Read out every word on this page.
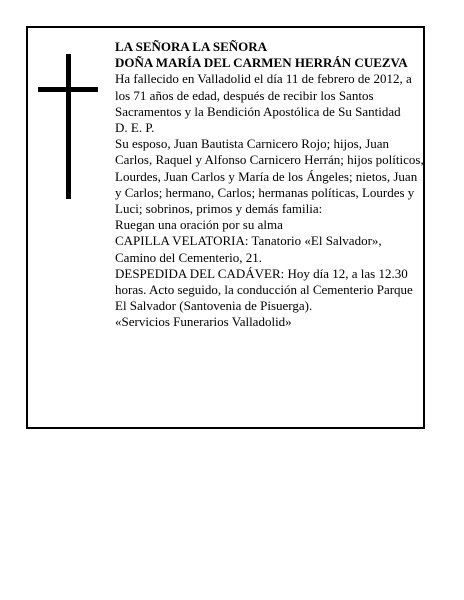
LA SEÑORA LA SEÑORA

DOÑA MARÍA DEL CARMEN HERRÁN CUEZVA

Ha fallecido en Valladolid el día 11 de febrero de 2012, a los 71 años de edad, después de recibir los Santos Sacramentos y la Bendición Apostólica de Su Santidad

D. E. P.

Su esposo, Juan Bautista Carnicero Rojo; hijos, Juan Carlos, Raquel y Alfonso Carnicero Herrán; hijos políticos, Lourdes, Juan Carlos y María de los Ángeles; nietos, Juan y Carlos; hermano, Carlos; hermanas políticas, Lourdes y Luci; sobrinos, primos y demás familia:

Ruegan una oración por su alma

CAPILLA VELATORIA: Tanatorio «El Salvador», Camino del Cementerio, 21.

DESPEDIDA DEL CADÁVER: Hoy día 12, a las 12.30 horas. Acto seguido, la conducción al Cementerio Parque El Salvador (Santovenia de Pisuerga).

«Servicios Funerarios Valladolid»
